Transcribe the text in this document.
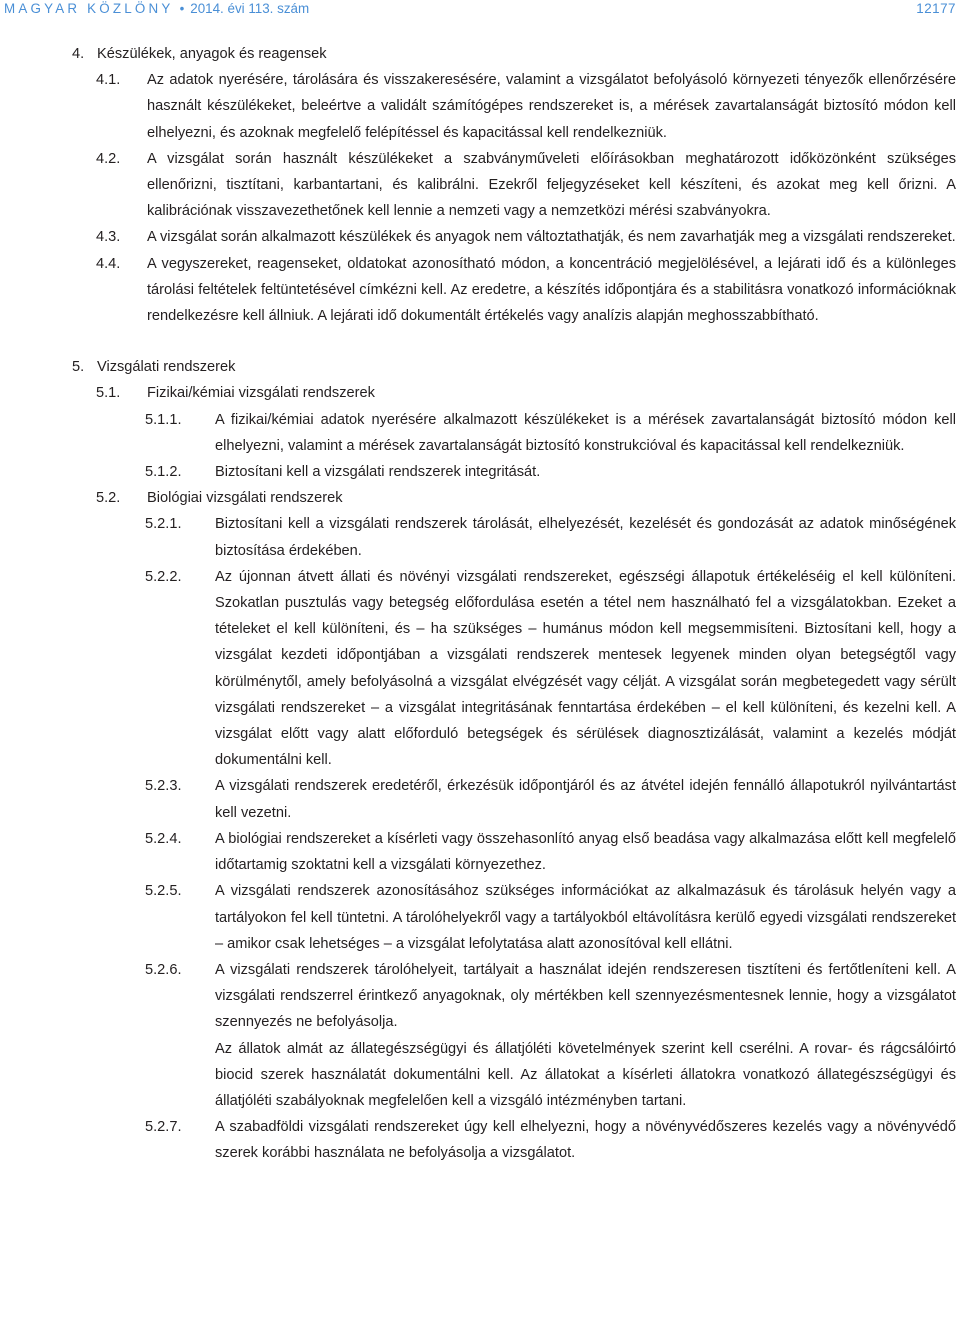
MAGYAR KÖZLÖNY • 2014. évi 113. szám	12177
4. Készülékek, anyagok és reagensek
4.1.	Az adatok nyerésére, tárolására és visszakeresésére, valamint a vizsgálatot befolyásoló környezeti tényezők ellenőrzésére használt készülékeket, beleértve a validált számítógépes rendszereket is, a mérések zavartalanságát biztosító módon kell elhelyezni, és azoknak megfelelő felépítéssel és kapacitással kell rendelkezniük.
4.2.	A vizsgálat során használt készülékeket a szabványműveleti előírásokban meghatározott időközönként szükséges ellenőrizni, tisztítani, karbantartani, és kalibrálni. Ezekről feljegyzéseket kell készíteni, és azokat meg kell őrizni. A kalibrációnak visszavezethetőnek kell lennie a nemzeti vagy a nemzetközi mérési szabványokra.
4.3.	A vizsgálat során alkalmazott készülékek és anyagok nem változtathatják, és nem zavarhatják meg a vizsgálati rendszereket.
4.4.	A vegyszereket, reagenseket, oldatokat azonosítható módon, a koncentráció megjelölésével, a lejárati idő és a különleges tárolási feltételek feltüntetésével címkézni kell. Az eredetre, a készítés időpontjára és a stabilitásra vonatkozó információknak rendelkezésre kell állniuk. A lejárati idő dokumentált értékelés vagy analízis alapján meghosszabbítható.
5. Vizsgálati rendszerek
5.1.	Fizikai/kémiai vizsgálati rendszerek
5.1.1.	A fizikai/kémiai adatok nyerésére alkalmazott készülékeket is a mérések zavartalanságát biztosító módon kell elhelyezni, valamint a mérések zavartalanságát biztosító konstrukcióval és kapacitással kell rendelkezniük.
5.1.2.	Biztosítani kell a vizsgálati rendszerek integritását.
5.2.	Biológiai vizsgálati rendszerek
5.2.1.	Biztosítani kell a vizsgálati rendszerek tárolását, elhelyezését, kezelését és gondozását az adatok minőségének biztosítása érdekében.
5.2.2.	Az újonnan átvett állati és növényi vizsgálati rendszereket, egészségi állapotuk értékeléséig el kell különíteni. Szokatlan pusztulás vagy betegség előfordulása esetén a tétel nem használható fel a vizsgálatokban. Ezeket a tételeket el kell különíteni, és – ha szükséges – humánus módon kell megsemmisíteni. Biztosítani kell, hogy a vizsgálat kezdeti időpontjában a vizsgálati rendszerek mentesek legyenek minden olyan betegségtől vagy körülménytől, amely befolyásolná a vizsgálat elvégzését vagy célját. A vizsgálat során megbetegedett vagy sérült vizsgálati rendszereket – a vizsgálat integritásának fenntartása érdekében – el kell különíteni, és kezelni kell. A vizsgálat előtt vagy alatt előforduló betegségek és sérülések diagnosztizálását, valamint a kezelés módját dokumentálni kell.
5.2.3.	A vizsgálati rendszerek eredetéről, érkezésük időpontjáról és az átvétel idején fennálló állapotukról nyilvántartást kell vezetni.
5.2.4.	A biológiai rendszereket a kísérleti vagy összehasonlító anyag első beadása vagy alkalmazása előtt kell megfelelő időtartamig szoktatni kell a vizsgálati környezethez.
5.2.5.	A vizsgálati rendszerek azonosításához szükséges információkat az alkalmazásuk és tárolásuk helyén vagy a tartályokon fel kell tüntetni. A tárolóhelyekről vagy a tartályokból eltávolításra kerülő egyedi vizsgálati rendszereket – amikor csak lehetséges – a vizsgálat lefolytatása alatt azonosítóval kell ellátni.
5.2.6.	A vizsgálati rendszerek tárolóhelyeit, tartályait a használat idején rendszeresen tisztíteni és fertőtleníteni kell. A vizsgálati rendszerrel érintkező anyagoknak, oly mértékben kell szennyezésmentesnek lennie, hogy a vizsgálatot szennyezés ne befolyásolja.
Az állatok almát az állategészségügyi és állatjóléti követelmények szerint kell cserélni. A rovar- és rágcsálóirtó biocid szerek használatát dokumentálni kell. Az állatokat a kísérleti állatokra vonatkozó állategészségügyi és állatjóléti szabályoknak megfelelően kell a vizsgáló intézményben tartani.
5.2.7.	A szabadföldi vizsgálati rendszereket úgy kell elhelyezni, hogy a növényvédőszeres kezelés vagy a növényvédő szerek korábbi használata ne befolyásolja a vizsgálatot.
